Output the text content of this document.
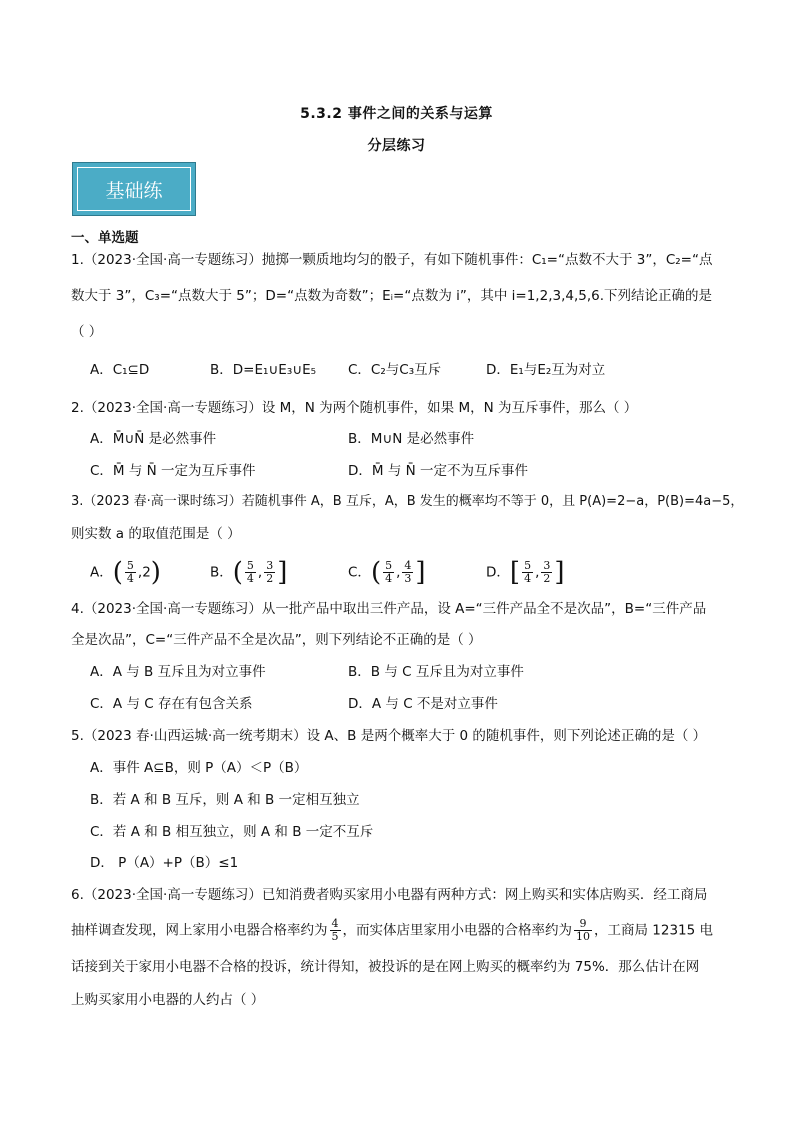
5.3.2 事件之间的关系与运算
分层练习
基础练
一、单选题
1.（2023·全国·高一专题练习）抛掷一颗质地均匀的骰子，有如下随机事件：C₁=“点数不大于 3”，C₂=“点
数大于 3”，C₃=“点数大于 5”；D=“点数为奇数”；Eᵢ=“点数为 i”，其中 i=1,2,3,4,5,6.下列结论正确的是
（ ）
A．C₁⊆D	B．D=E₁∪E₃∪E₅ C．C₂与C₃互斥	D．E₁与E₂互为对立
2.（2023·全国·高一专题练习）设 M，N 为两个随机事件，如果 M，N 为互斥事件，那么（ ）
A．M̄∪N̄ 是必然事件	B．M∪N 是必然事件
C．M̄ 与 N̄ 一定为互斥事件	D．M̄ 与 N̄ 一定不为互斥事件
3.（2023 春·高一课时练习）若随机事件 A，B 互斥，A，B 发生的概率均不等于 0，且 P(A)=2−a，P(B)=4a−5，
则实数 a 的取值范围是（ ）
A．( $\frac{5}{4} ,2$)	B．( $\frac{5}{4}$ , $\frac{3}{2}$ ]	C．( $\frac{5}{4}$ , $\frac{4}{3}$ ]	D．[ $\frac{5}{4}$ , $\frac{3}{2}$ ]
4.（2023·全国·高一专题练习）从一批产品中取出三件产品，设 A=“三件产品全不是次品”，B=“三件产品
全是次品”，C=“三件产品不全是次品”，则下列结论不正确的是（ ）
A．A 与 B 互斥且为对立事件	B．B 与 C 互斥且为对立事件
C．A 与 C 存在有包含关系	D．A 与 C 不是对立事件
5.（2023 春·山西运城·高一统考期末）设 A、B 是两个概率大于 0 的随机事件，则下列论述正确的是（ ）
A．事件 A⊆B，则 P（A）＜P（B）
B．若 A 和 B 互斥，则 A 和 B 一定相互独立
C．若 A 和 B 相互独立，则 A 和 B 一定不互斥
D． P（A）+P（B）≤1
6.（2023·全国·高一专题练习）已知消费者购买家用小电器有两种方式：网上购买和实体店购买．经工商局
抽样调查发现，网上家用小电器合格率约为 $\frac{4}{5}$ ，而实体店里家用小电器的合格率约为 $\frac{9}{10}$ ，工商局 12315 电
话接到关于家用小电器不合格的投诉，统计得知，被投诉的是在网上购买的概率约为 75%．那么估计在网
上购买家用小电器的人约占（ ）
